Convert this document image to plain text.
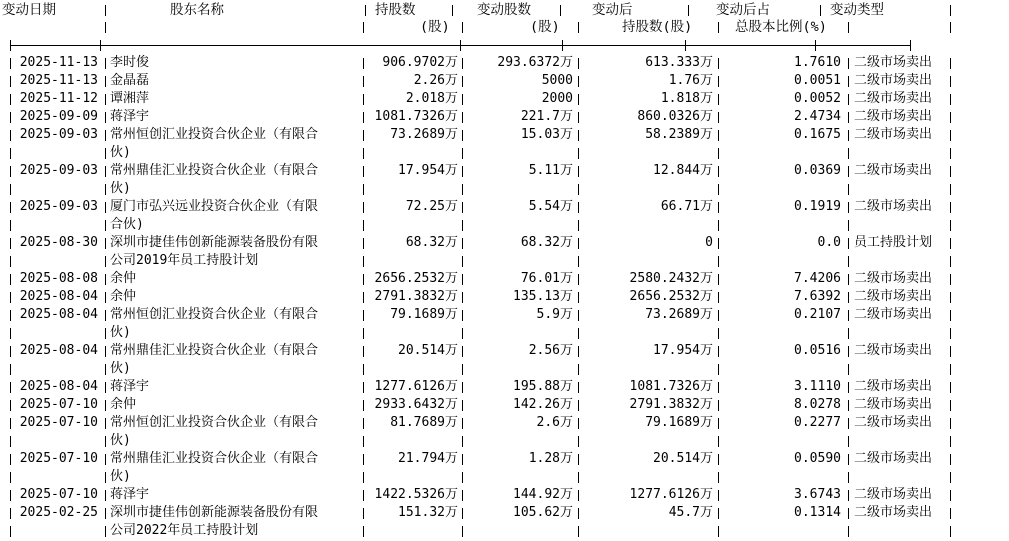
变动日期	股东名称	持股数	变动股数	变动后	变动后占	变动类型
(股)	(股)	持股数(股)	总股本比例(%)
2025-11-13 李时俊	906.9702万	293.6372万	613.333万	1.7610 二级市场卖出
2025-11-13 金晶磊	2.26万	5000	1.76万	0.0051 二级市场卖出
2025-11-12 谭湘萍	2.018万	2000	1.818万	0.0052 二级市场卖出
2025-09-09 蒋泽宇	1081.7326万	221.7万	860.0326万	2.4734 二级市场卖出
2025-09-03 常州恒创汇业投资合伙企业（有限合	73.2689万	15.03万	58.2389万	0.1675 二级市场卖出
伙)
2025-09-03 常州鼎佳汇业投资合伙企业（有限合	17.954万	5.11万	12.844万	0.0369 二级市场卖出
伙)
2025-09-03 厦门市弘兴远业投资合伙企业（有限	72.25万	5.54万	66.71万	0.1919 二级市场卖出
合伙)
2025-08-30 深圳市捷佳伟创新能源装备股份有限	68.32万	68.32万	0	0.0 员工持股计划
公司2019年员工持股计划
2025-08-08 余仲	2656.2532万	76.01万	2580.2432万	7.4206 二级市场卖出
2025-08-04 余仲	2791.3832万	135.13万	2656.2532万	7.6392 二级市场卖出
2025-08-04 常州恒创汇业投资合伙企业（有限合	79.1689万	5.9万	73.2689万	0.2107 二级市场卖出
伙)
2025-08-04 常州鼎佳汇业投资合伙企业（有限合	20.514万	2.56万	17.954万	0.0516 二级市场卖出
伙)
2025-08-04 蒋泽宇	1277.6126万	195.88万	1081.7326万	3.1110 二级市场卖出
2025-07-10 余仲	2933.6432万	142.26万	2791.3832万	8.0278 二级市场卖出
2025-07-10 常州恒创汇业投资合伙企业（有限合	81.7689万	2.6万	79.1689万	0.2277 二级市场卖出
伙)
2025-07-10 常州鼎佳汇业投资合伙企业（有限合	21.794万	1.28万	20.514万	0.0590 二级市场卖出
伙)
2025-07-10 蒋泽宇	1422.5326万	144.92万	1277.6126万	3.6743 二级市场卖出
2025-02-25 深圳市捷佳伟创新能源装备股份有限	151.32万	105.62万	45.7万	0.1314 二级市场卖出
公司2022年员工持股计划
